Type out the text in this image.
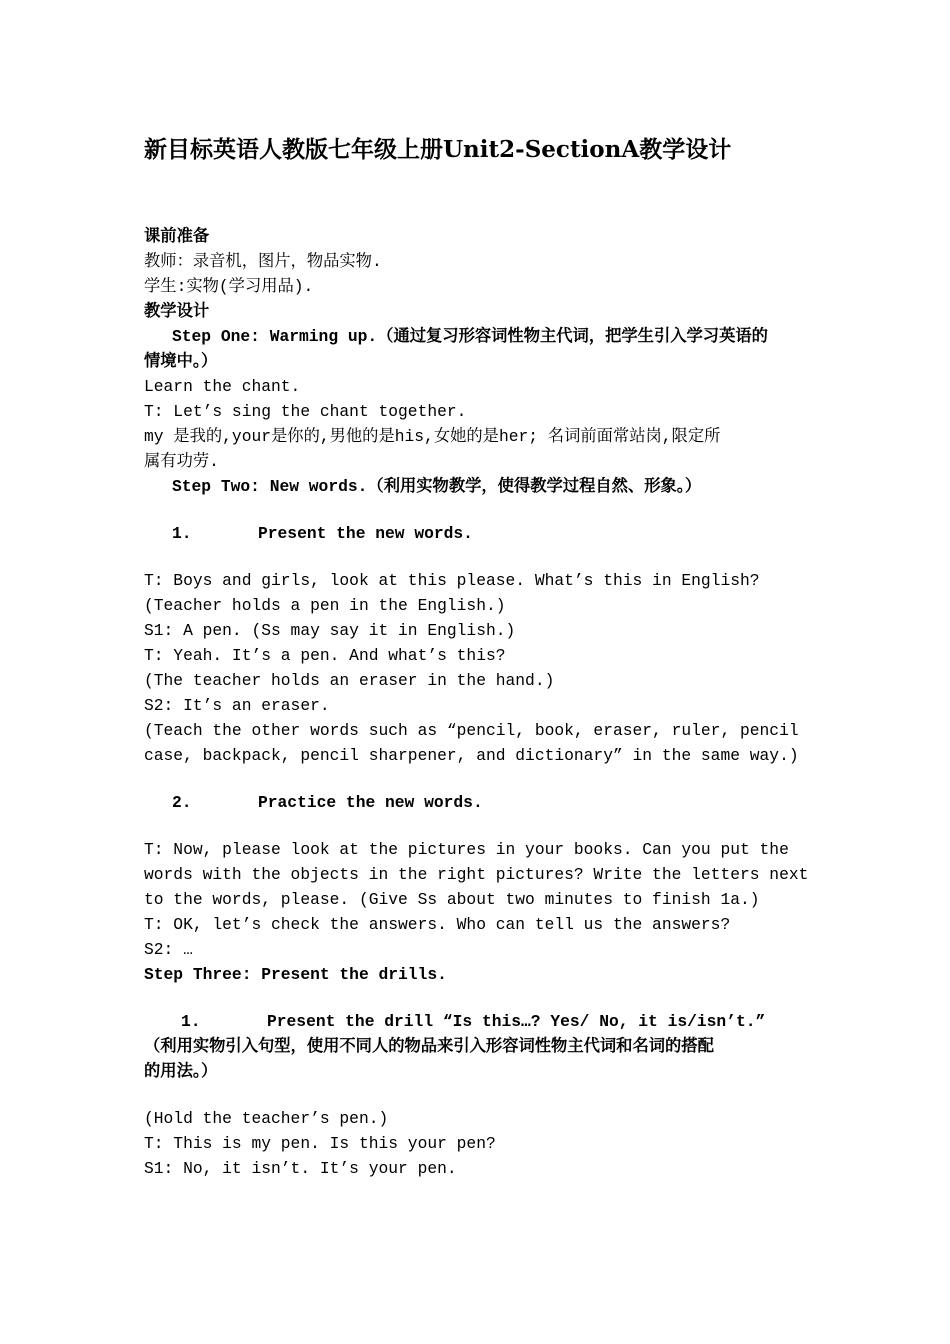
新目标英语人教版七年级上册Unit2-SectionA教学设计
课前准备
教师：录音机，图片，物品实物.
学生:实物(学习用品).
教学设计
Step One: Warming up.（通过复习形容词性物主代词，把学生引入学习英语的
情境中。）
Learn the chant.
T: Let’s sing the chant together.
my 是我的,your是你的,男他的是his,女她的是her; 名词前面常站岗,限定所
属有功劳.
Step Two: New words.（利用实物教学，使得教学过程自然、形象。）
1.	Present the new words.
T: Boys and girls, look at this please. What’s this in English?
(Teacher holds a pen in the English.)
S1: A pen. (Ss may say it in English.)
T: Yeah. It’s a pen. And what’s this?
(The teacher holds an eraser in the hand.)
S2: It’s an eraser.
(Teach the other words such as “pencil, book, eraser, ruler, pencil
case, backpack, pencil sharpener, and dictionary” in the same way.)
2.	Practice the new words.
T: Now, please look at the pictures in your books. Can you put the
words with the objects in the right pictures? Write the letters next
to the words, please. (Give Ss about two minutes to finish 1a.)
T: OK, let’s check the answers. Who can tell us the answers?
S2: …
Step Three: Present the drills.
1.	Present the drill “Is this…? Yes/ No, it is/isn’t.”
（利用实物引入句型，使用不同人的物品来引入形容词性物主代词和名词的搭配
的用法。）
(Hold the teacher’s pen.)
T: This is my pen. Is this your pen?
S1: No, it isn’t. It’s your pen.
